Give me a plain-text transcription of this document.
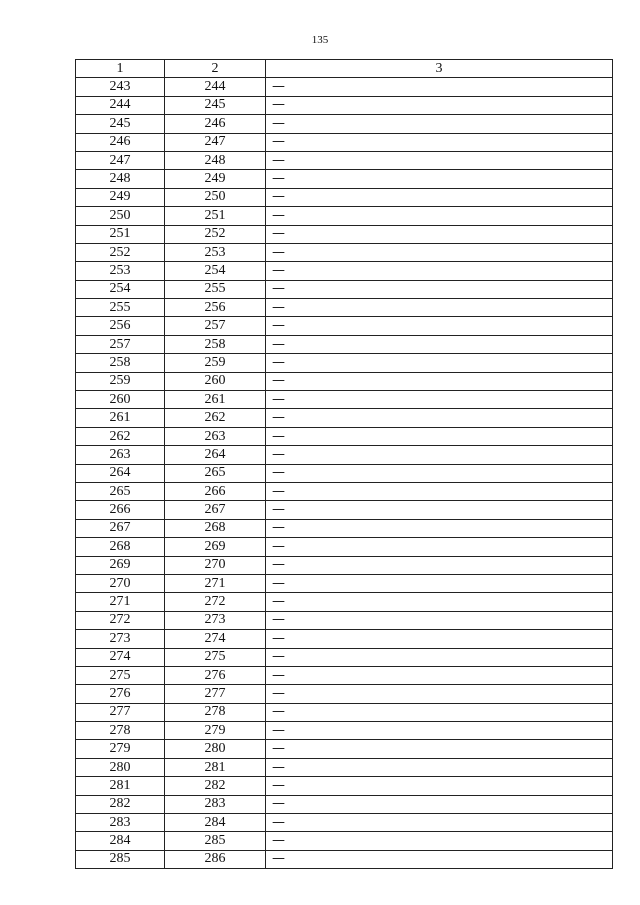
135
1	2	3
243	244	—
244	245	—
245	246	—
246	247	—
247	248	—
248	249	—
249	250	—
250	251	—
251	252	—
252	253	—
253	254	—
254	255	—
255	256	—
256	257	—
257	258	—
258	259	—
259	260	—
260	261	—
261	262	—
262	263	—
263	264	—
264	265	—
265	266	—
266	267	—
267	268	—
268	269	—
269	270	—
270	271	—
271	272	—
272	273	—
273	274	—
274	275	—
275	276	—
276	277	—
277	278	—
278	279	—
279	280	—
280	281	—
281	282	—
282	283	—
283	284	—
284	285	—
285	286	—
